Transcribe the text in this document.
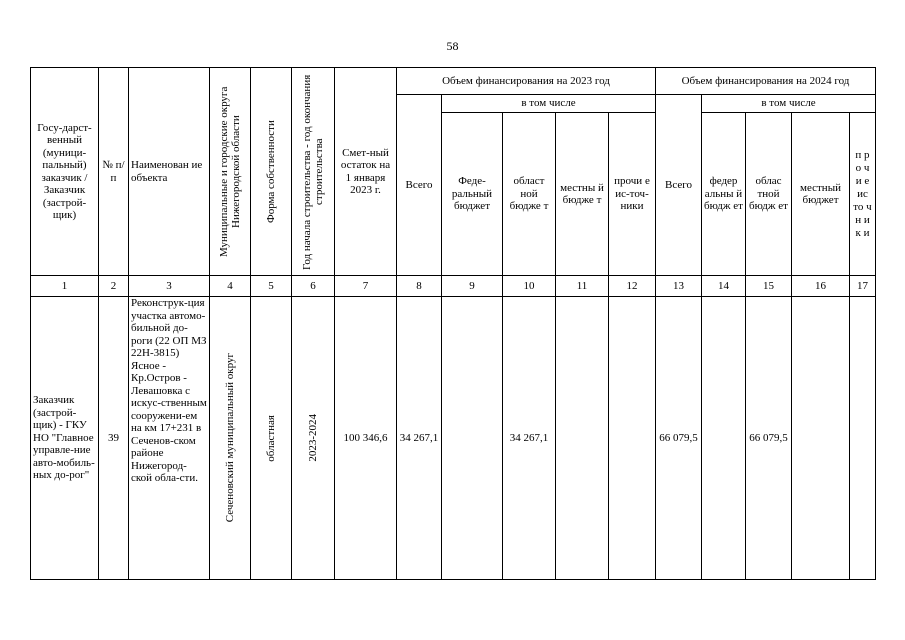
58
Госу-дарст-венный (муници-пальный) заказчик / Заказчик (застрой-щик)	№ п/ п	Наименован ие объекта	Муниципальные и городские округа Нижегородской области	Форма собственности	Год начала строительства - год окончания строительства	Смет-ный остаток на 1 января 2023 г.	Объем финансирования на 2023 год					Объем финансирования на 2024 год				
							Всего	в том числе				Всего	в том числе			
								Феде-ральный бюджет	област ной бюдже т	местны й бюдже т	прочи е ис-точ-ники		федер альны й бюдж ет	облас тной бюдж ет	местный бюджет	п р о ч и е ис то ч н и к и
1	2	3	4	5	6	7	8	9	10	11	12	13	14	15	16	17
Заказчик (застрой-щик) - ГКУ НО "Главное управле-ние авто-мобиль-ных до-рог"	39	Реконструк-ция участка автомо-бильной до-роги (22 ОП МЗ 22Н-3815) Ясное - Кр.Остров - Левашовка с искус-ственным сооружени-ем на км 17+231 в Сеченов-ском районе Нижегород-ской обла-сти.	Сеченовский муниципальный округ	областная	2023-2024	100 346,6	34 267,1		34 267,1			66 079,5		66 079,5		
